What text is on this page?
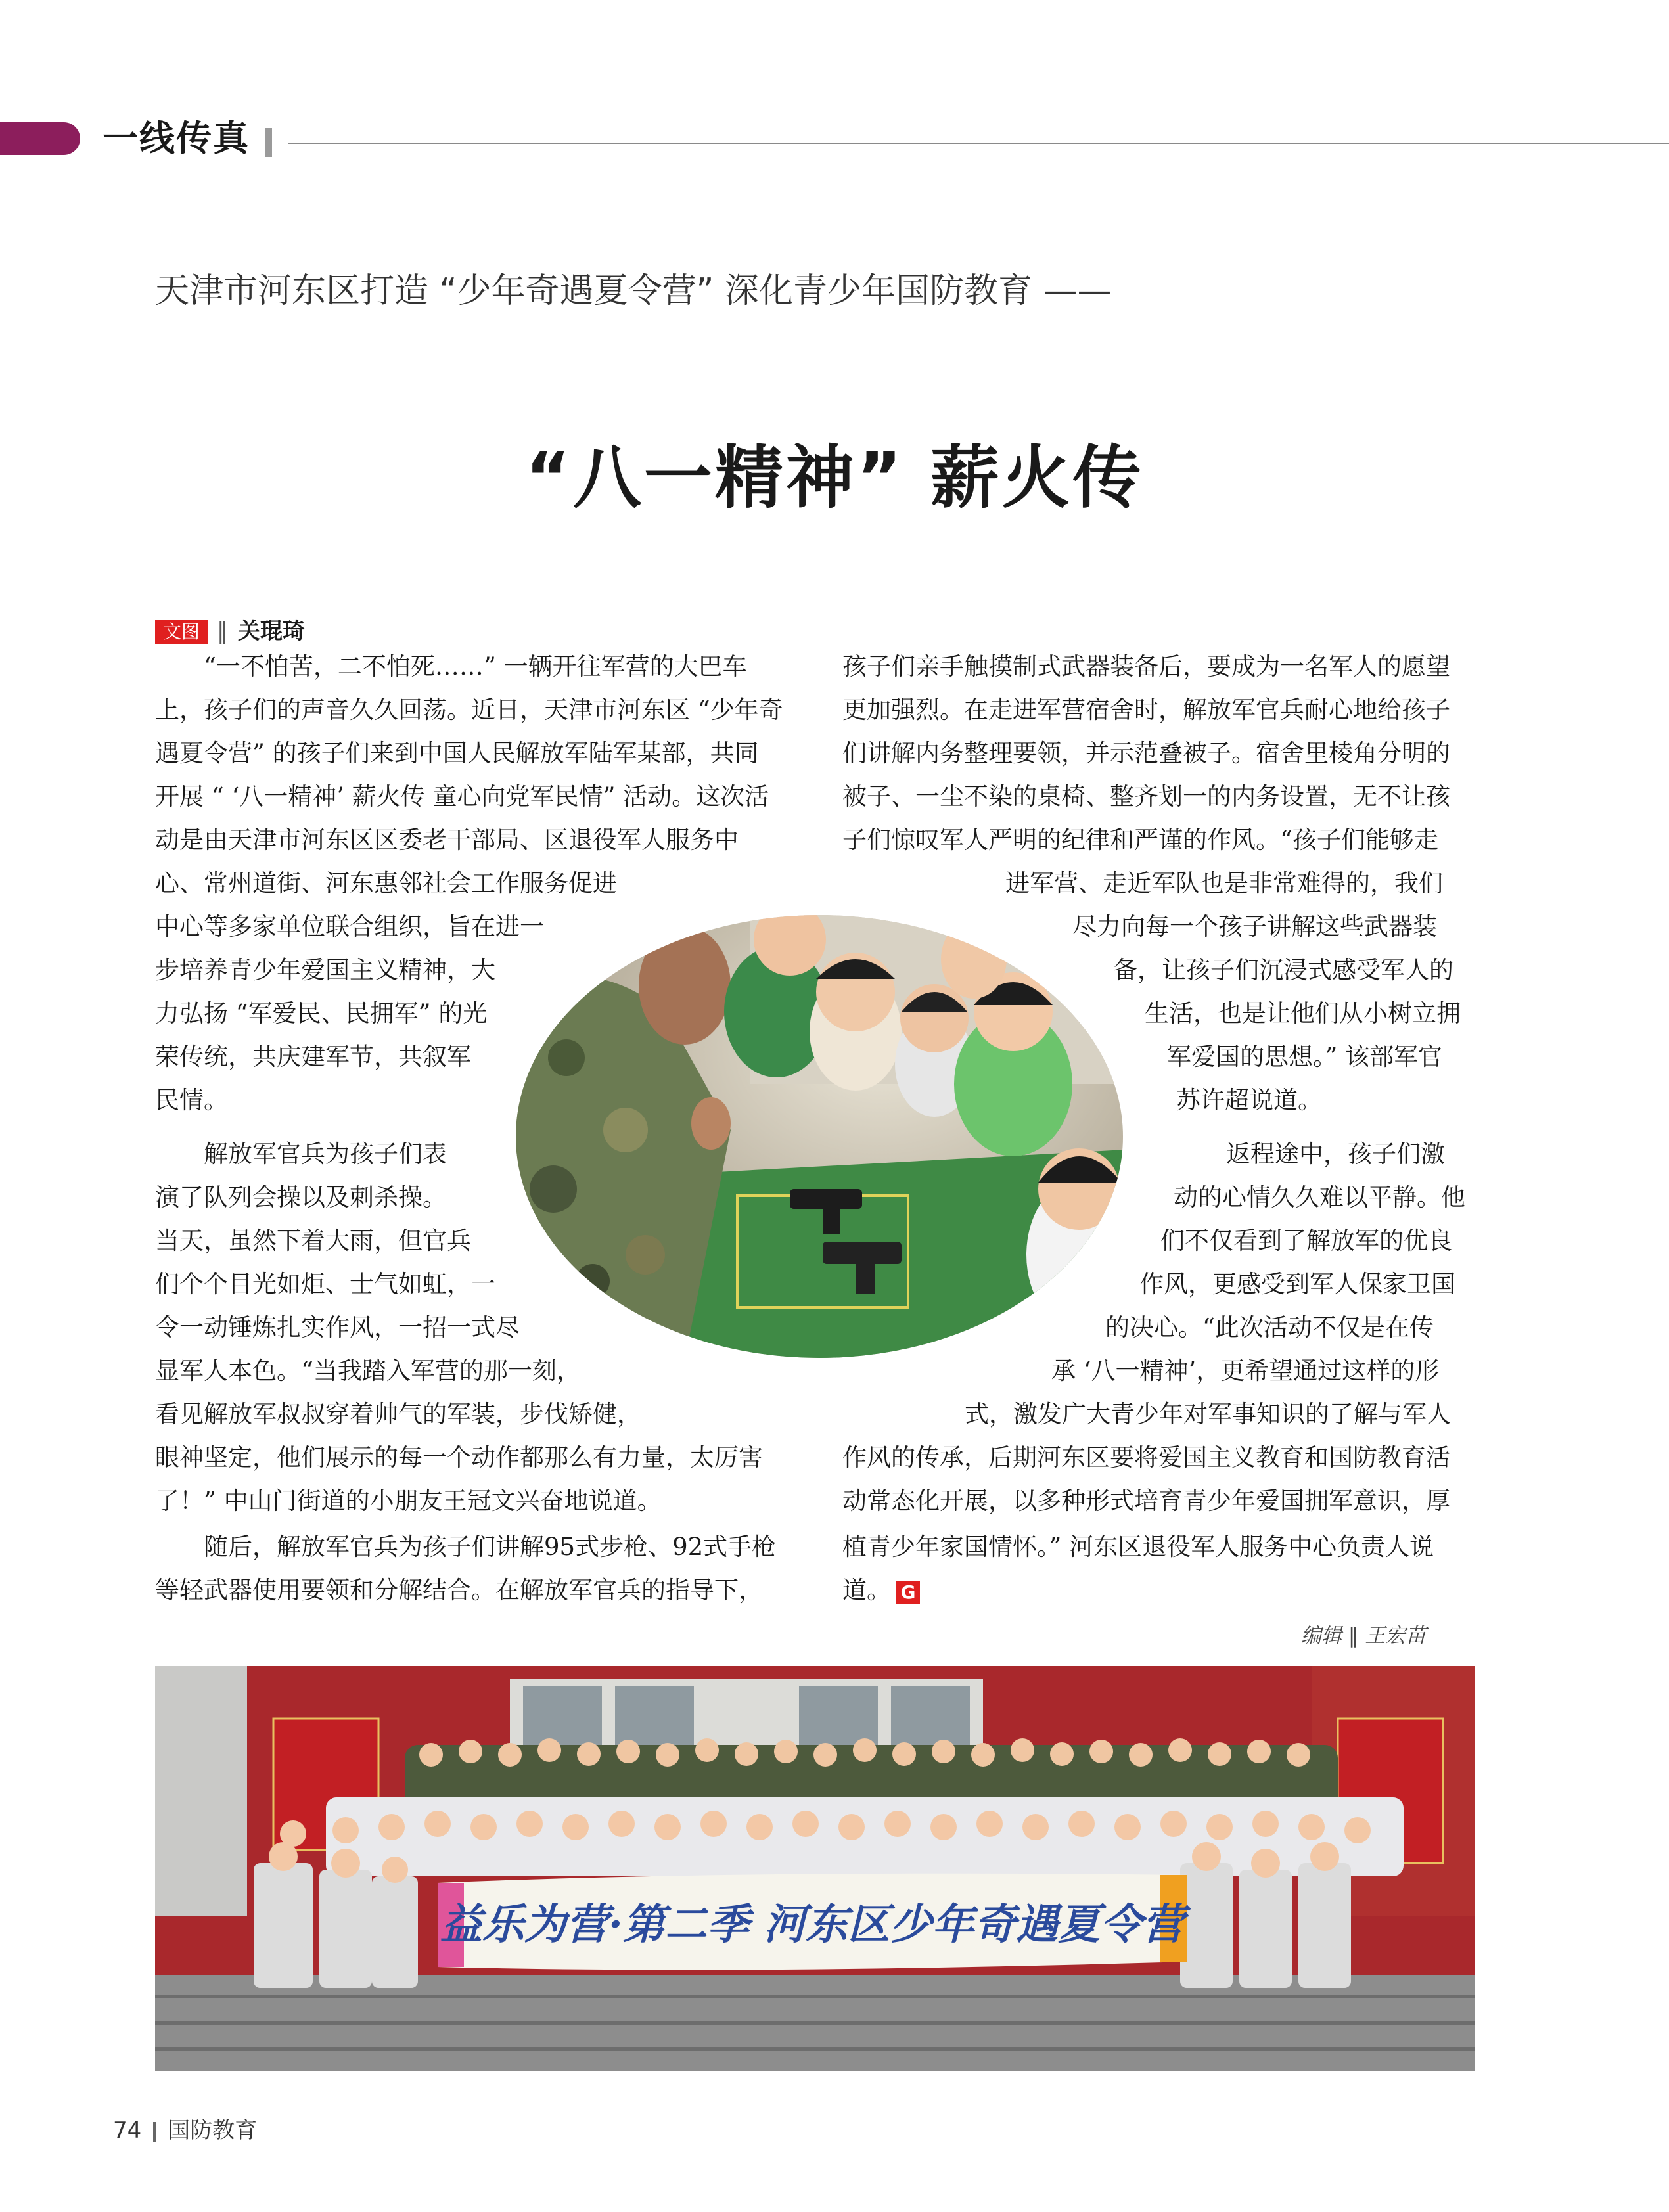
一线传真
天津市河东区打造 “少年奇遇夏令营” 深化青少年国防教育 ——
“八一精神” 薪火传
文图 ‖ 关琨琦
“一不怕苦，二不怕死……” 一辆开往军营的大巴车
上，孩子们的声音久久回荡。近日，天津市河东区 “少年奇
遇夏令营” 的孩子们来到中国人民解放军陆军某部，共同
开展 “ ‘八一精神’ 薪火传 童心向党军民情” 活动。这次活
动是由天津市河东区区委老干部局、区退役军人服务中
心、常州道街、河东惠邻社会工作服务促进
中心等多家单位联合组织，旨在进一
步培养青少年爱国主义精神，大
力弘扬 “军爱民、民拥军” 的光
荣传统，共庆建军节，共叙军
民情。
解放军官兵为孩子们表
演了队列会操以及刺杀操。
当天，虽然下着大雨，但官兵
们个个目光如炬、士气如虹，一
令一动锤炼扎实作风，一招一式尽
显军人本色。“当我踏入军营的那一刻，
看见解放军叔叔穿着帅气的军装，步伐矫健，
眼神坚定，他们展示的每一个动作都那么有力量，太厉害
了！” 中山门街道的小朋友王冠文兴奋地说道。
随后，解放军官兵为孩子们讲解95式步枪、92式手枪
等轻武器使用要领和分解结合。在解放军官兵的指导下，
孩子们亲手触摸制式武器装备后，要成为一名军人的愿望
更加强烈。在走进军营宿舍时，解放军官兵耐心地给孩子
们讲解内务整理要领，并示范叠被子。宿舍里棱角分明的
被子、一尘不染的桌椅、整齐划一的内务设置，无不让孩
子们惊叹军人严明的纪律和严谨的作风。“孩子们能够走
进军营、走近军队也是非常难得的，我们
尽力向每一个孩子讲解这些武器装
备，让孩子们沉浸式感受军人的
生活，也是让他们从小树立拥
军爱国的思想。” 该部军官
苏许超说道。
返程途中，孩子们激
动的心情久久难以平静。他
们不仅看到了解放军的优良
作风，更感受到军人保家卫国
的决心。“此次活动不仅是在传
承 ‘八一精神’，更希望通过这样的形
式，激发广大青少年对军事知识的了解与军人
作风的传承，后期河东区要将爱国主义教育和国防教育活
动常态化开展，以多种形式培育青少年爱国拥军意识，厚
植青少年家国情怀。” 河东区退役军人服务中心负责人说
道。 G
编辑 ‖ 王宏苗
益乐为营·第二季 河东区少年奇遇夏令营
74 国防教育
